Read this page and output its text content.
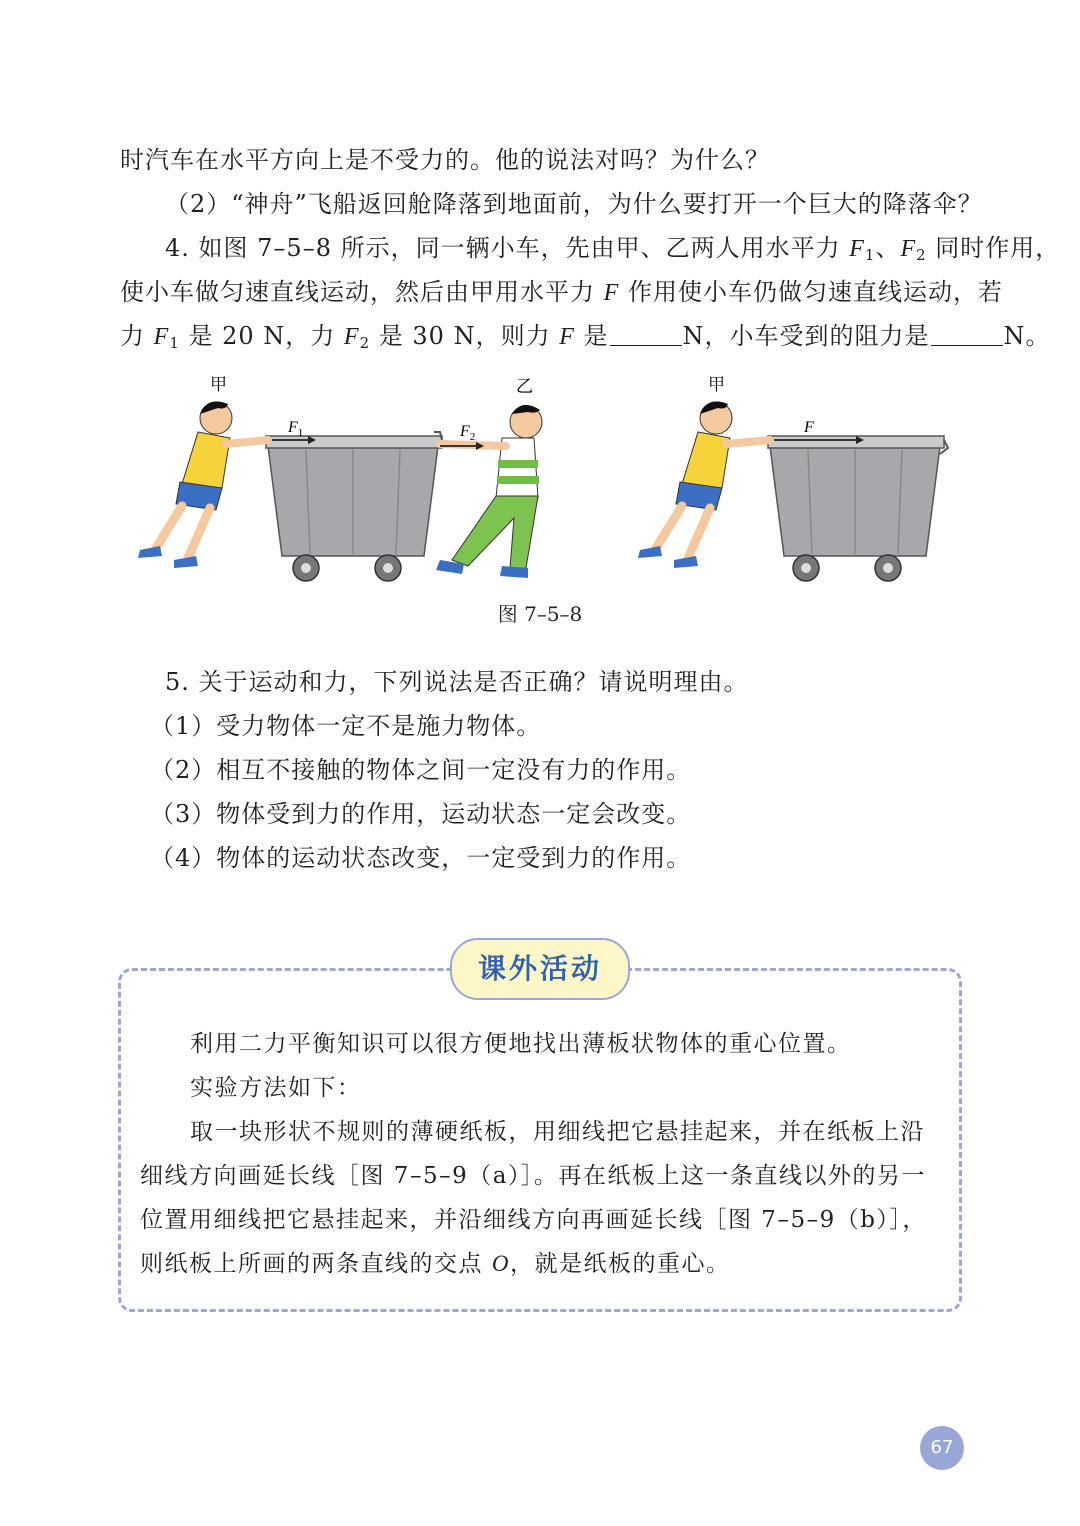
时汽车在水平方向上是不受力的。他的说法对吗？为什么？
（2）“神舟”飞船返回舱降落到地面前，为什么要打开一个巨大的降落伞？
4. 如图 7–5–8 所示，同一辆小车，先由甲、乙两人用水平力 $F_1$、$F_2$ 同时作用，
使小车做匀速直线运动，然后由甲用水平力 F 作用使小车仍做匀速直线运动，若
力 $F_1$ 是 20 N，力 $F_2$ 是 30 N，则力 F 是	N，小车受到的阻力是	N。
甲	乙	甲
$F_1$	$F_2$
F
图 7–5–8
5. 关于运动和力，下列说法是否正确？请说明理由。
（1）受力物体一定不是施力物体。
（2）相互不接触的物体之间一定没有力的作用。
（3）物体受到力的作用，运动状态一定会改变。
（4）物体的运动状态改变，一定受到力的作用。
课外活动
利用二力平衡知识可以很方便地找出薄板状物体的重心位置。
实验方法如下：
取一块形状不规则的薄硬纸板，用细线把它悬挂起来，并在纸板上沿
细线方向画延长线［图 7–5–9（a）］。再在纸板上这一条直线以外的另一
位置用细线把它悬挂起来，并沿细线方向再画延长线［图 7–5–9（b）］，
则纸板上所画的两条直线的交点 O，就是纸板的重心。
67
